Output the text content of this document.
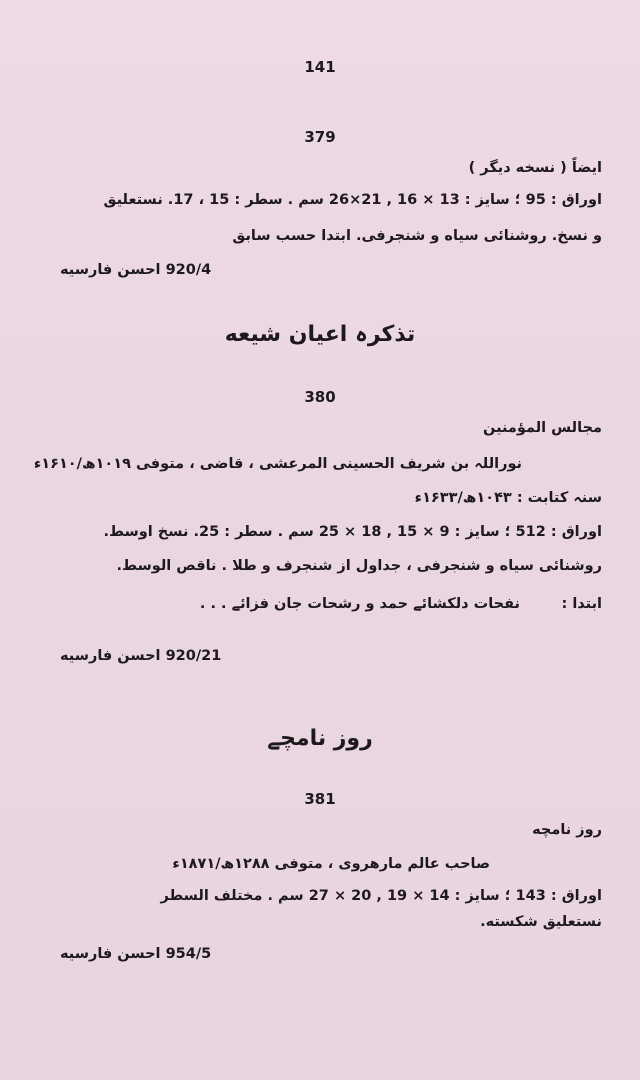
141
379
ایضاً ( نسخه دیگر )
اوراق : 95 ؛ سایز : 13 ⨯ 16 , 21⨯26 سم . سطر : 15 ، 17. نستعلیق
و نسخ. روشنائی سیاه و شنجرفی. ابتدا حسب سابق
920/4 احسن فارسیه
تذکرہ اعیان شیعه
380
مجالس المؤمنین
نوراللہ بن شریف الحسینی المرعشی ، قاضی ، متوفی ۱۰۱۹ھ/۱۶۱۰ء
سنہ کتابت : ۱۰۴۳ھ/۱۶۳۳ء
اوراق : 512 ؛ سایز : 9 ⨯ 15 , 18 ⨯ 25 سم . سطر : 25. نسخ اوسط.
روشنائی سیاه و شنجرفی ، جداول از شنجرف و طلا . ناقص الوسط.
ابتدا :
نفحات دلکشائے حمد و رشحات جان فزائے . . .
920/21 احسن فارسیه
روز نامچے
381
روز نامچه
صاحب عالم مارهروی ، متوفی ۱۲۸۸ھ/۱۸۷۱ء
اوراق : 143 ؛ سایز : 14 ⨯ 19 , 20 ⨯ 27 سم . مختلف السطر
نستعلیق شکسته.
954/5 احسن فارسیه
